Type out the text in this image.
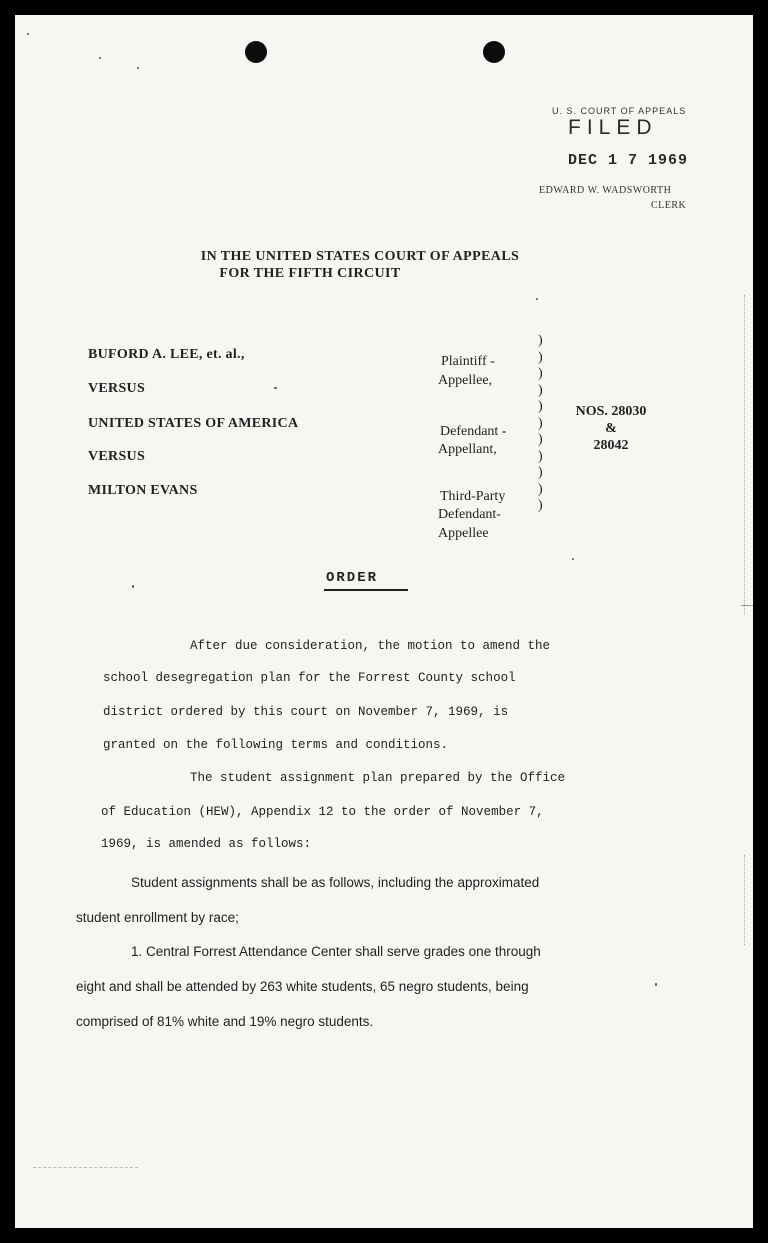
U. S. COURT OF APPEALS
FILED
DEC 1 7 1969
EDWARD W. WADSWORTH
CLERK
IN THE UNITED STATES COURT OF APPEALS
FOR THE FIFTH CIRCUIT
BUFORD A. LEE, et. al.,
VERSUS
UNITED STATES OF AMERICA
VERSUS
MILTON EVANS
Plaintiff -
Appellee,
Defendant -
Appellant,
Third-Party
Defendant-
Appellee
)
)
)
)
)
)
)
)
)
)
)
NOS. 28030
&
28042
ORDER
After due consideration, the motion to amend the
school desegregation plan for the Forrest County school
district ordered by this court on November 7, 1969, is
granted on the following terms and conditions.
The student assignment plan prepared by the Office
of Education (HEW), Appendix 12 to the order of November 7,
1969, is amended as follows:
Student assignments shall be as follows, including the approximated
student enrollment by race;
1. Central Forrest Attendance Center shall serve grades one through
eight and shall be attended by 263 white students, 65 negro students, being
comprised of 81% white and 19% negro students.
